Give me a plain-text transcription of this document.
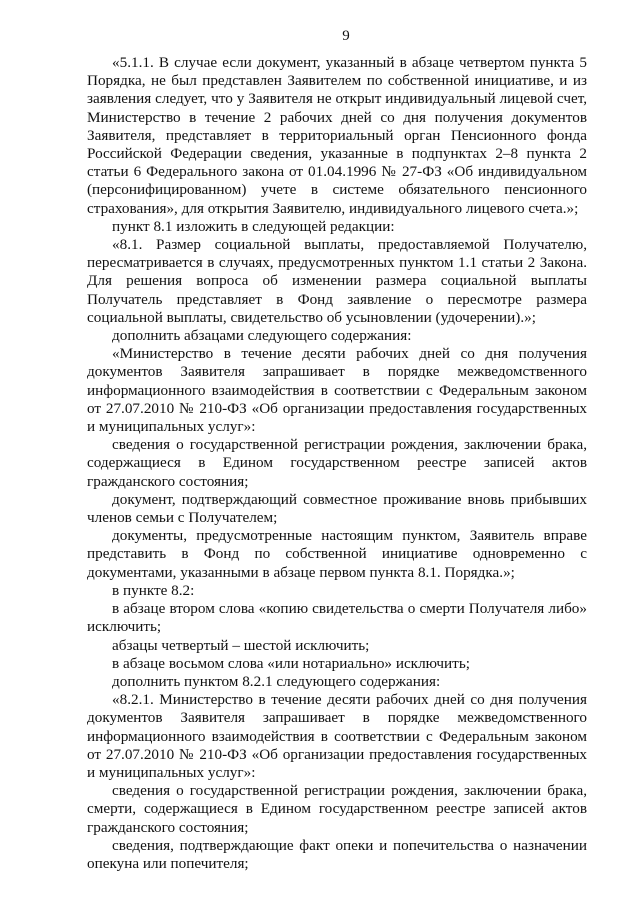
9

«5.1.1. В случае если документ, указанный в абзаце четвертом пункта 5 Порядка, не был представлен Заявителем по собственной инициативе, и из заявления следует, что у Заявителя не открыт индивидуальный лицевой счет, Министерство в течение 2 рабочих дней со дня получения документов Заявителя, представляет в территориальный орган Пенсионного фонда Российской Федерации сведения, указанные в подпунктах 2–8 пункта 2 статьи 6 Федерального закона от 01.04.1996 № 27-ФЗ «Об индивидуальном (персонифицированном) учете в системе обязательного пенсионного страхования», для открытия Заявителю, индивидуального лицевого счета.»;

пункт 8.1 изложить в следующей редакции:

«8.1. Размер социальной выплаты, предоставляемой Получателю, пересматривается в случаях, предусмотренных пунктом 1.1 статьи 2 Закона. Для решения вопроса об изменении размера социальной выплаты Получатель представляет в Фонд заявление о пересмотре размера социальной выплаты, свидетельство об усыновлении (удочерении).»;

дополнить абзацами следующего содержания:

«Министерство в течение десяти рабочих дней со дня получения документов Заявителя запрашивает в порядке межведомственного информационного взаимодействия в соответствии с Федеральным законом от 27.07.2010 № 210-ФЗ «Об организации предоставления государственных и муниципальных услуг»:

сведения о государственной регистрации рождения, заключении брака, содержащиеся в Едином государственном реестре записей актов гражданского состояния;

документ, подтверждающий совместное проживание вновь прибывших членов семьи с Получателем;

документы, предусмотренные настоящим пунктом, Заявитель вправе представить в Фонд по собственной инициативе одновременно с документами, указанными в абзаце первом пункта 8.1. Порядка.»;

в пункте 8.2:

в абзаце втором слова «копию свидетельства о смерти Получателя либо» исключить;

абзацы четвертый – шестой исключить;

в абзаце восьмом слова «или нотариально» исключить;

дополнить пунктом 8.2.1 следующего содержания:

«8.2.1. Министерство в течение десяти рабочих дней со дня получения документов Заявителя запрашивает в порядке межведомственного информационного взаимодействия в соответствии с Федеральным законом от 27.07.2010 № 210-ФЗ «Об организации предоставления государственных и муниципальных услуг»:

сведения о государственной регистрации рождения, заключении брака, смерти, содержащиеся в Едином государственном реестре записей актов гражданского состояния;

сведения, подтверждающие факт опеки и попечительства о назначении опекуна или попечителя;
